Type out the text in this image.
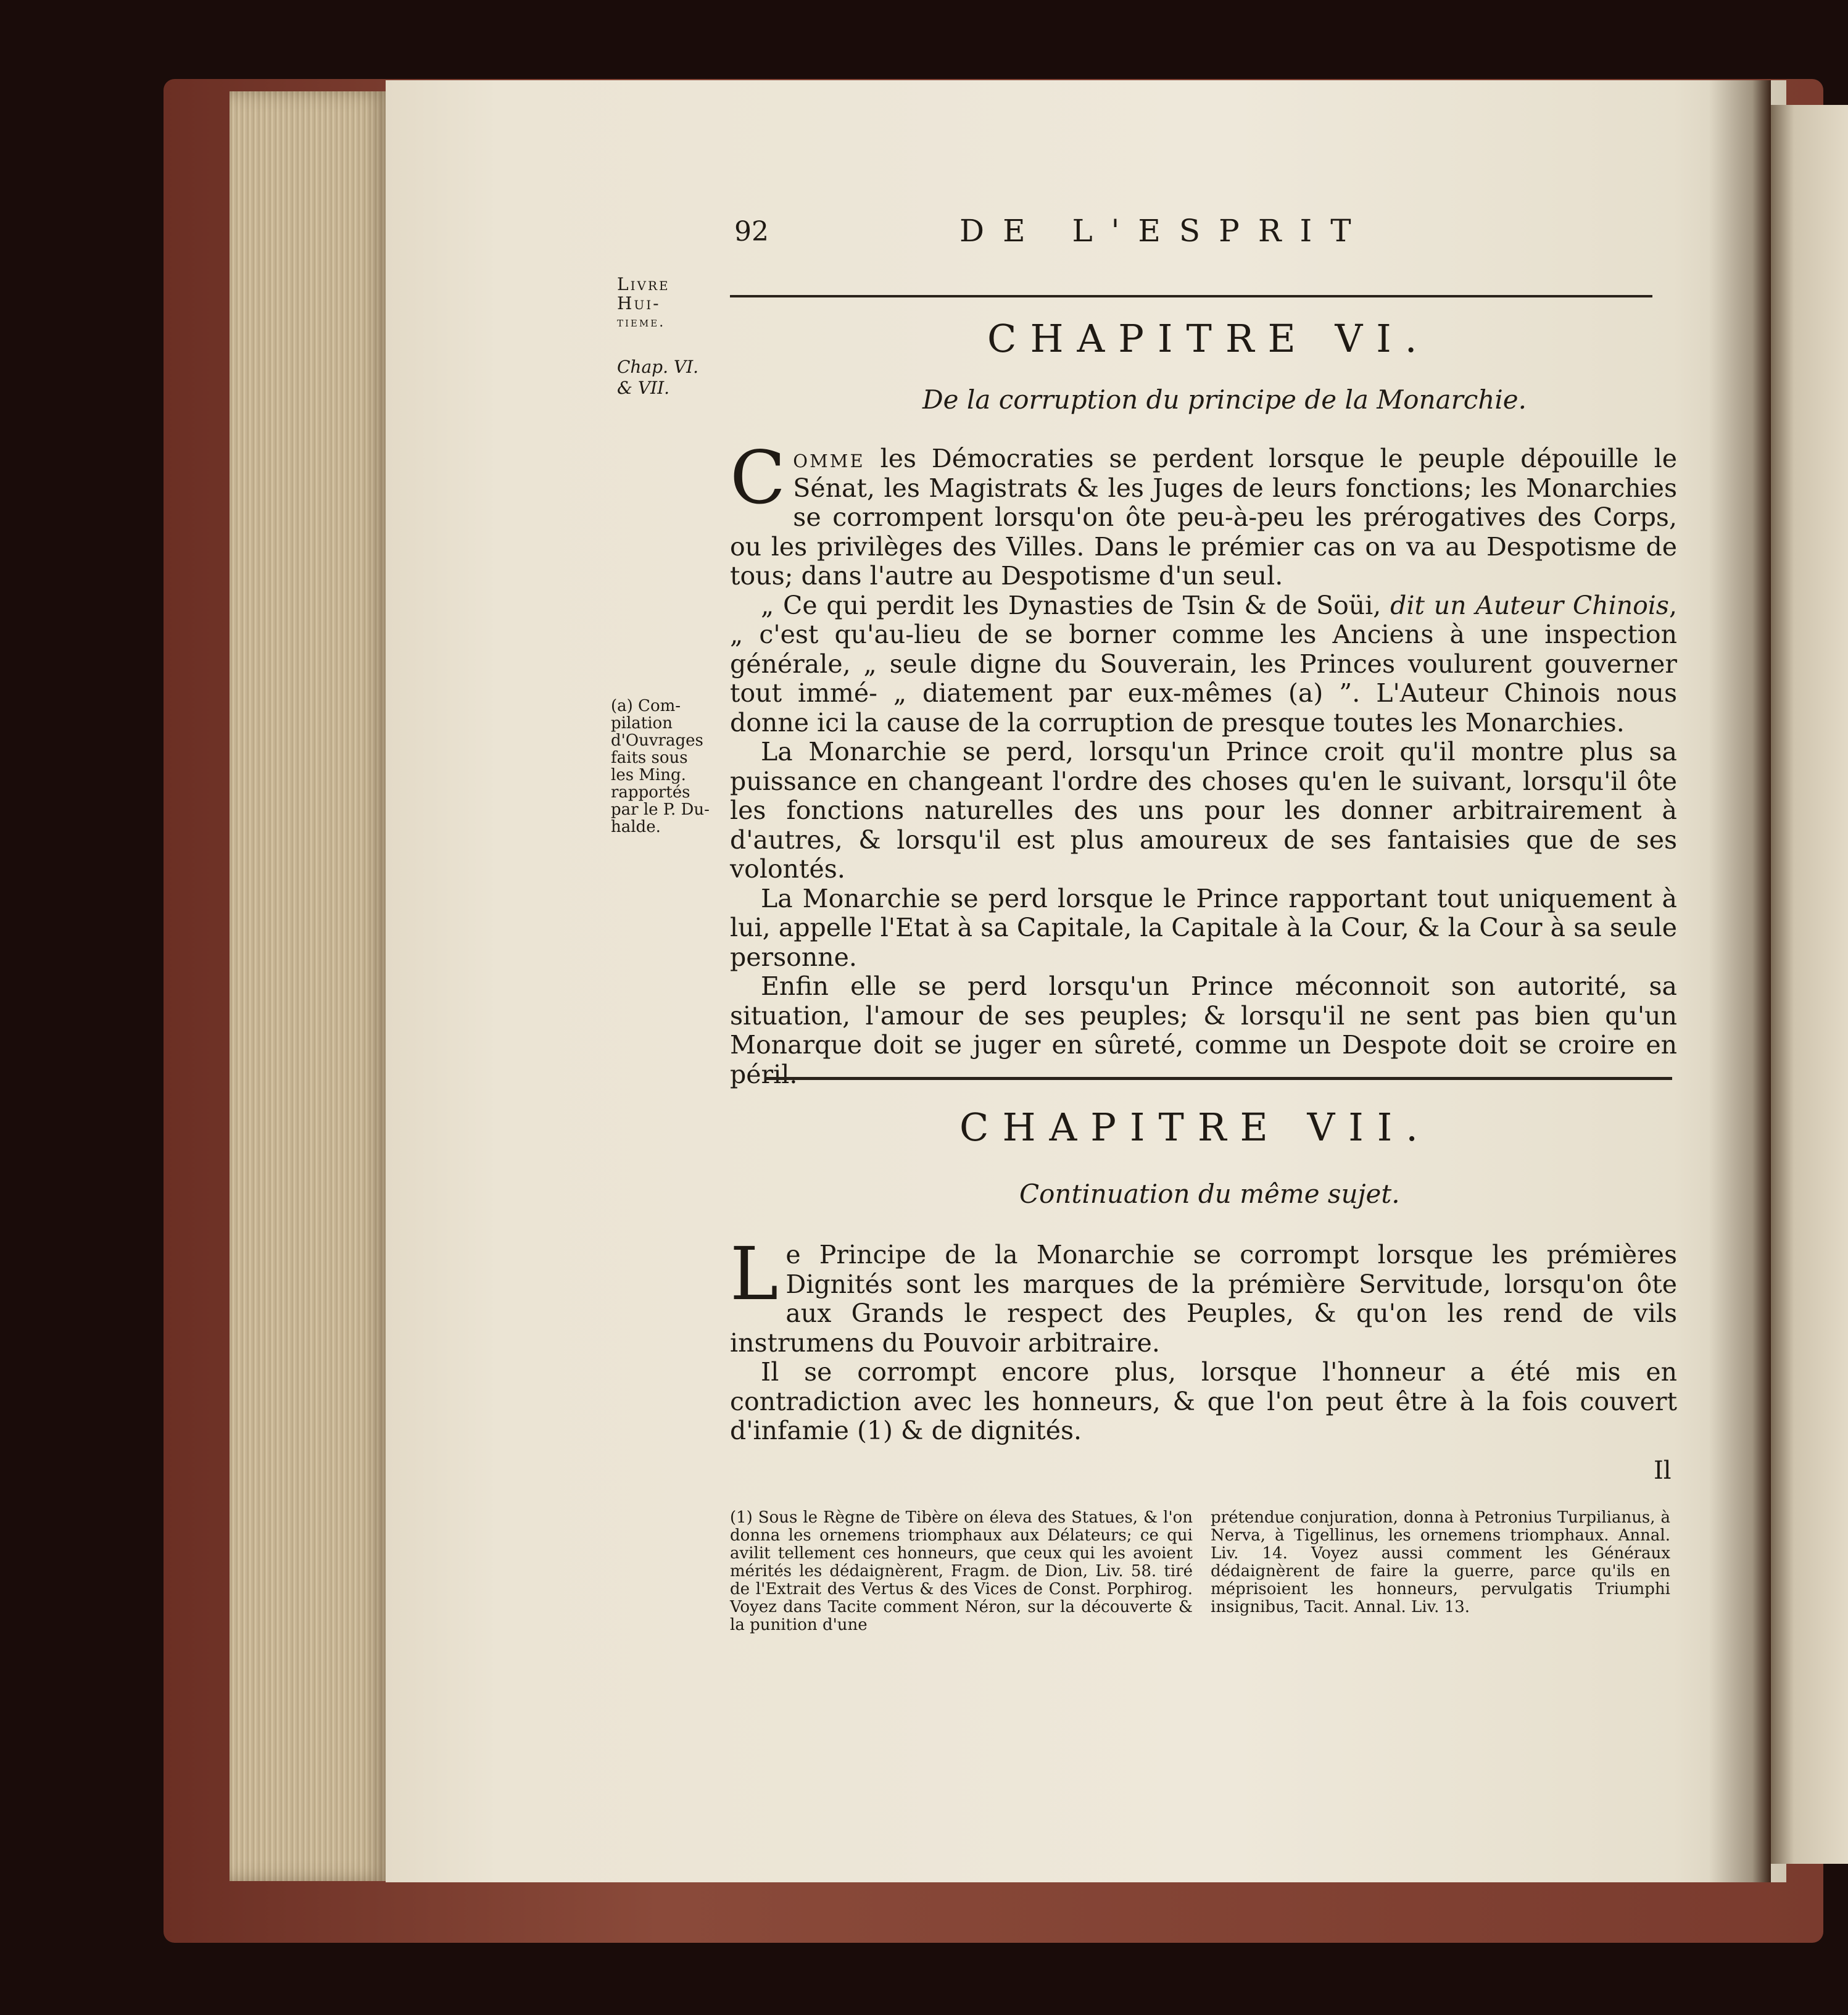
92	DE L'ESPRIT
Livre
Hui-
tieme.
Chap. VI.
& VII.
(a) Compilation d'Ouvrages faits sous les Ming. rapportés par le P. Duhalde.
CHAPITRE VI.
De la corruption du principe de la Monarchie.

Comme les Démocraties se perdent lorsque le peuple dépouille le Sénat, les Magistrats & les Juges de leurs fonctions; les Monarchies se corrompent lorsqu'on ôte peu-à-peu les prérogatives des Corps, ou les privilèges des Villes. Dans le prémier cas on va au Despotisme de tous; dans l'autre au Despotisme d'un seul.

„ Ce qui perdit les Dynasties de Tsin & de Soüi, dit un Auteur Chinois, „ c'est qu'au-lieu de se borner comme les Anciens à une inspection générale, „ seule digne du Souverain, les Princes voulurent gouverner tout immé- „ diatement par eux-mêmes (a) ”. L'Auteur Chinois nous donne ici la cause de la corruption de presque toutes les Monarchies.

La Monarchie se perd, lorsqu'un Prince croit qu'il montre plus sa puissance en changeant l'ordre des choses qu'en le suivant, lorsqu'il ôte les fonctions naturelles des uns pour les donner arbitrairement à d'autres, & lorsqu'il est plus amoureux de ses fantaisies que de ses volontés.

La Monarchie se perd lorsque le Prince rapportant tout uniquement à lui, appelle l'Etat à sa Capitale, la Capitale à la Cour, & la Cour à sa seule personne.

Enfin elle se perd lorsqu'un Prince méconnoit son autorité, sa situation, l'amour de ses peuples; & lorsqu'il ne sent pas bien qu'un Monarque doit se juger en sûreté, comme un Despote doit se croire en péril.

CHAPITRE VII.
Continuation du même sujet.

Le Principe de la Monarchie se corrompt lorsque les prémières Dignités sont les marques de la prémière Servitude, lorsqu'on ôte aux Grands le respect des Peuples, & qu'on les rend de vils instrumens du Pouvoir arbitraire.

Il se corrompt encore plus, lorsque l'honneur a été mis en contradiction avec les honneurs, & que l'on peut être à la fois couvert d'infamie (1) & de dignités.

Il

(1) Sous le Règne de Tibère on éleva des Statues, & l'on donna les ornemens triomphaux aux Délateurs; ce qui avilit tellement ces honneurs, que ceux qui les avoient mérités les dédaignèrent, Fragm. de Dion, Liv. 58. tiré de l'Extrait des Vertus & des Vices de Const. Porphirog. Voyez dans Tacite comment Néron, sur la découverte & la punition d'une

prétendue conjuration, donna à Petronius Turpilianus, à Nerva, à Tigellinus, les ornemens triomphaux. Annal. Liv. 14. Voyez aussi comment les Généraux dédaignèrent de faire la guerre, parce qu'ils en méprisoient les honneurs, pervulgatis Triumphi insignibus, Tacit. Annal. Liv. 13.
